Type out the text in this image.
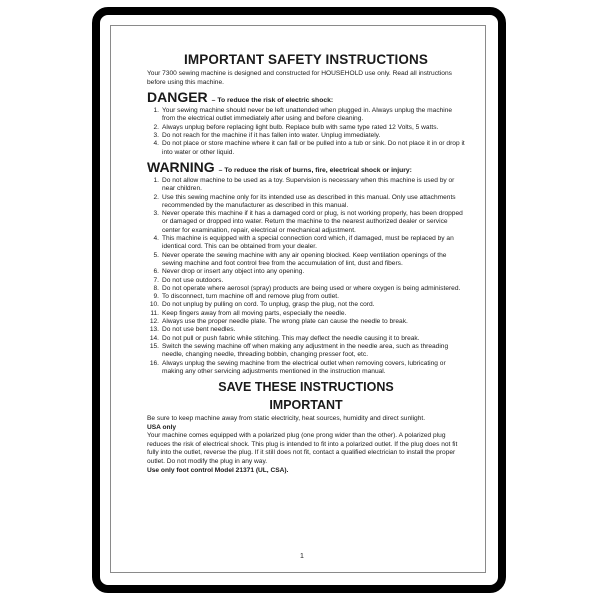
IMPORTANT SAFETY INSTRUCTIONS

Your 7300 sewing machine is designed and constructed for HOUSEHOLD use only. Read all instructions before using this machine.

DANGER – To reduce the risk of electric shock:
1. Your sewing machine should never be left unattended when plugged in. Always unplug the machine from the electrical outlet immediately after using and before cleaning.
2. Always unplug before replacing light bulb. Replace bulb with same type rated 12 Volts, 5 watts.
3. Do not reach for the machine if it has fallen into water. Unplug immediately.
4. Do not place or store machine where it can fall or be pulled into a tub or sink. Do not place it in or drop it into water or other liquid.
WARNING – To reduce the risk of burns, fire, electrical shock or injury:
1. Do not allow machine to be used as a toy. Supervision is necessary when this machine is used by or near children.
2. Use this sewing machine only for its intended use as described in this manual. Only use attachments recommended by the manufacturer as described in this manual.
3. Never operate this machine if it has a damaged cord or plug, is not working properly, has been dropped or damaged or dropped into water. Return the machine to the nearest authorized dealer or service center for examination, repair, electrical or mechanical adjustment.
4. This machine is equipped with a special connection cord which, if damaged, must be replaced by an identical cord. This can be obtained from your dealer.
5. Never operate the sewing machine with any air opening blocked. Keep ventilation openings of the sewing machine and foot control free from the accumulation of lint, dust and fibers.
6. Never drop or insert any object into any opening.
7. Do not use outdoors.
8. Do not operate where aerosol (spray) products are being used or where oxygen is being administered.
9. To disconnect, turn machine off and remove plug from outlet.
10. Do not unplug by pulling on cord. To unplug, grasp the plug, not the cord.
11. Keep fingers away from all moving parts, especially the needle.
12. Always use the proper needle plate. The wrong plate can cause the needle to break.
13. Do not use bent needles.
14. Do not pull or push fabric while stitching. This may deflect the needle causing it to break.
15. Switch the sewing machine off when making any adjustment in the needle area, such as threading needle, changing needle, threading bobbin, changing presser foot, etc.
16. Always unplug the sewing machine from the electrical outlet when removing covers, lubricating or making any other servicing adjustments mentioned in the instruction manual.
SAVE THESE INSTRUCTIONS
IMPORTANT

Be sure to keep machine away from static electricity, heat sources, humidity and direct sunlight.

USA only

Your machine comes equipped with a polarized plug (one prong wider than the other). A polarized plug reduces the risk of electrical shock. This plug is intended to fit into a polarized outlet. If the plug does not fit fully into the outlet, reverse the plug. If it still does not fit, contact a qualified electrician to install the proper outlet. Do not modify the plug in any way.

Use only foot control Model 21371 (UL, CSA).

1
